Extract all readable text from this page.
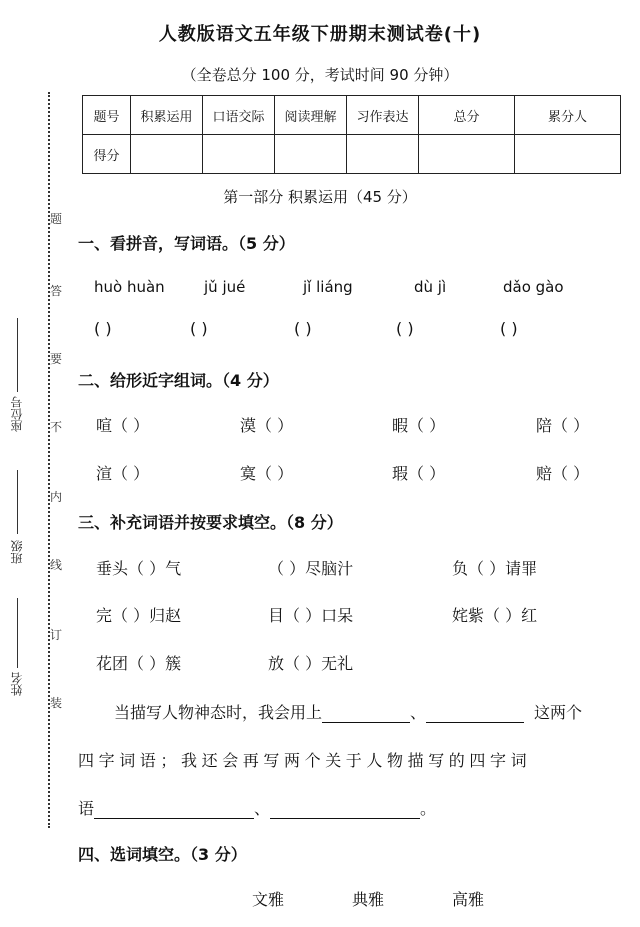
人教版语文五年级下册期末测试卷(十)
（全卷总分 100 分，考试时间 90 分钟）
题号	积累运用	口语交际	阅读理解	习作表达	总分	累分人
得分						
第一部分 积累运用（45 分）
题
答
要
不
内
线
订
装
座位号
班级
姓名
一、看拼音，写词语。（5 分）
huò huàn	jǔ jué	jǐ liáng	dù jì	dǎo gào
( )	( )	( )	( )	( )
二、给形近字组词。（4 分）
喧（ ）	漠（ ）	暇（ ）	陪（ ）
渲（ ）	寞（ ）	瑕（ ）	赔（ ）
三、补充词语并按要求填空。（8 分）
垂头（ ）气	（ ）尽脑汁	负（ ）请罪
完（ ）归赵	目（ ）口呆	姹紫（ ）红
花团（ ）簇	放（ ）无礼
当描写人物神态时，我会用上	、	这两个
四字词语；我还会再写两个关于人物描写的四字词
语	、	。
四、选词填空。（3 分）
文雅	典雅	高雅
